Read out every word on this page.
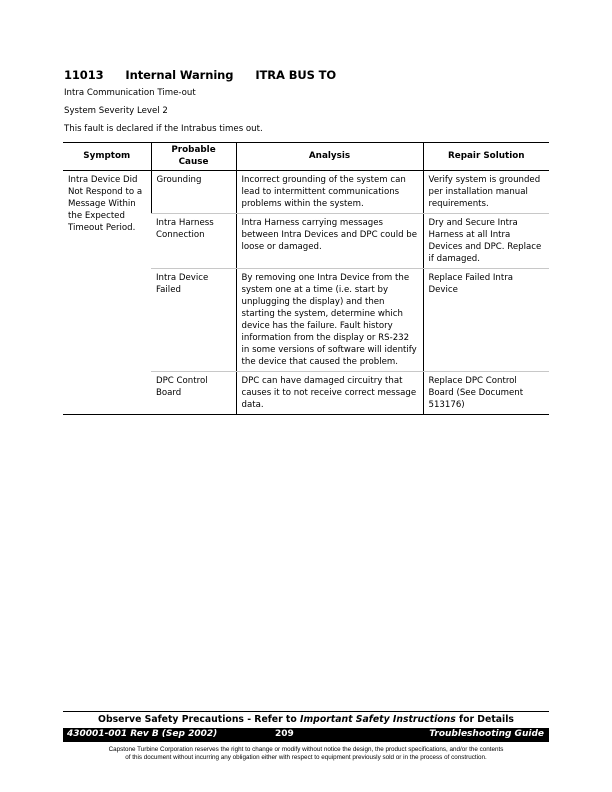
11013 Internal Warning ITRA BUS TO
Intra Communication Time-out
System Severity Level 2
This fault is declared if the Intrabus times out.
Symptom	Probable Cause	Analysis	Repair Solution
Intra Device Did Not Respond to a Message Within the Expected Timeout Period.	Grounding	Incorrect grounding of the system can lead to intermittent communications problems within the system.	Verify system is grounded per installation manual requirements.
	Intra Harness Connection	Intra Harness carrying messages between Intra Devices and DPC could be loose or damaged.	Dry and Secure Intra Harness at all Intra Devices and DPC. Replace if damaged.
	Intra Device Failed	By removing one Intra Device from the system one at a time (i.e. start by unplugging the display) and then starting the system, determine which device has the failure. Fault history information from the display or RS-232 in some versions of software will identify the device that caused the problem.	Replace Failed Intra Device
	DPC Control Board	DPC can have damaged circuitry that causes it to not receive correct message data.	Replace DPC Control Board (See Document 513176)
Observe Safety Precautions - Refer to Important Safety Instructions for Details
430001-001 Rev B (Sep 2002)	209	Troubleshooting Guide
Capstone Turbine Corporation reserves the right to change or modify without notice the design, the product specifications, and/or the contents
of this document without incurring any obligation either with respect to equipment previously sold or in the process of construction.
